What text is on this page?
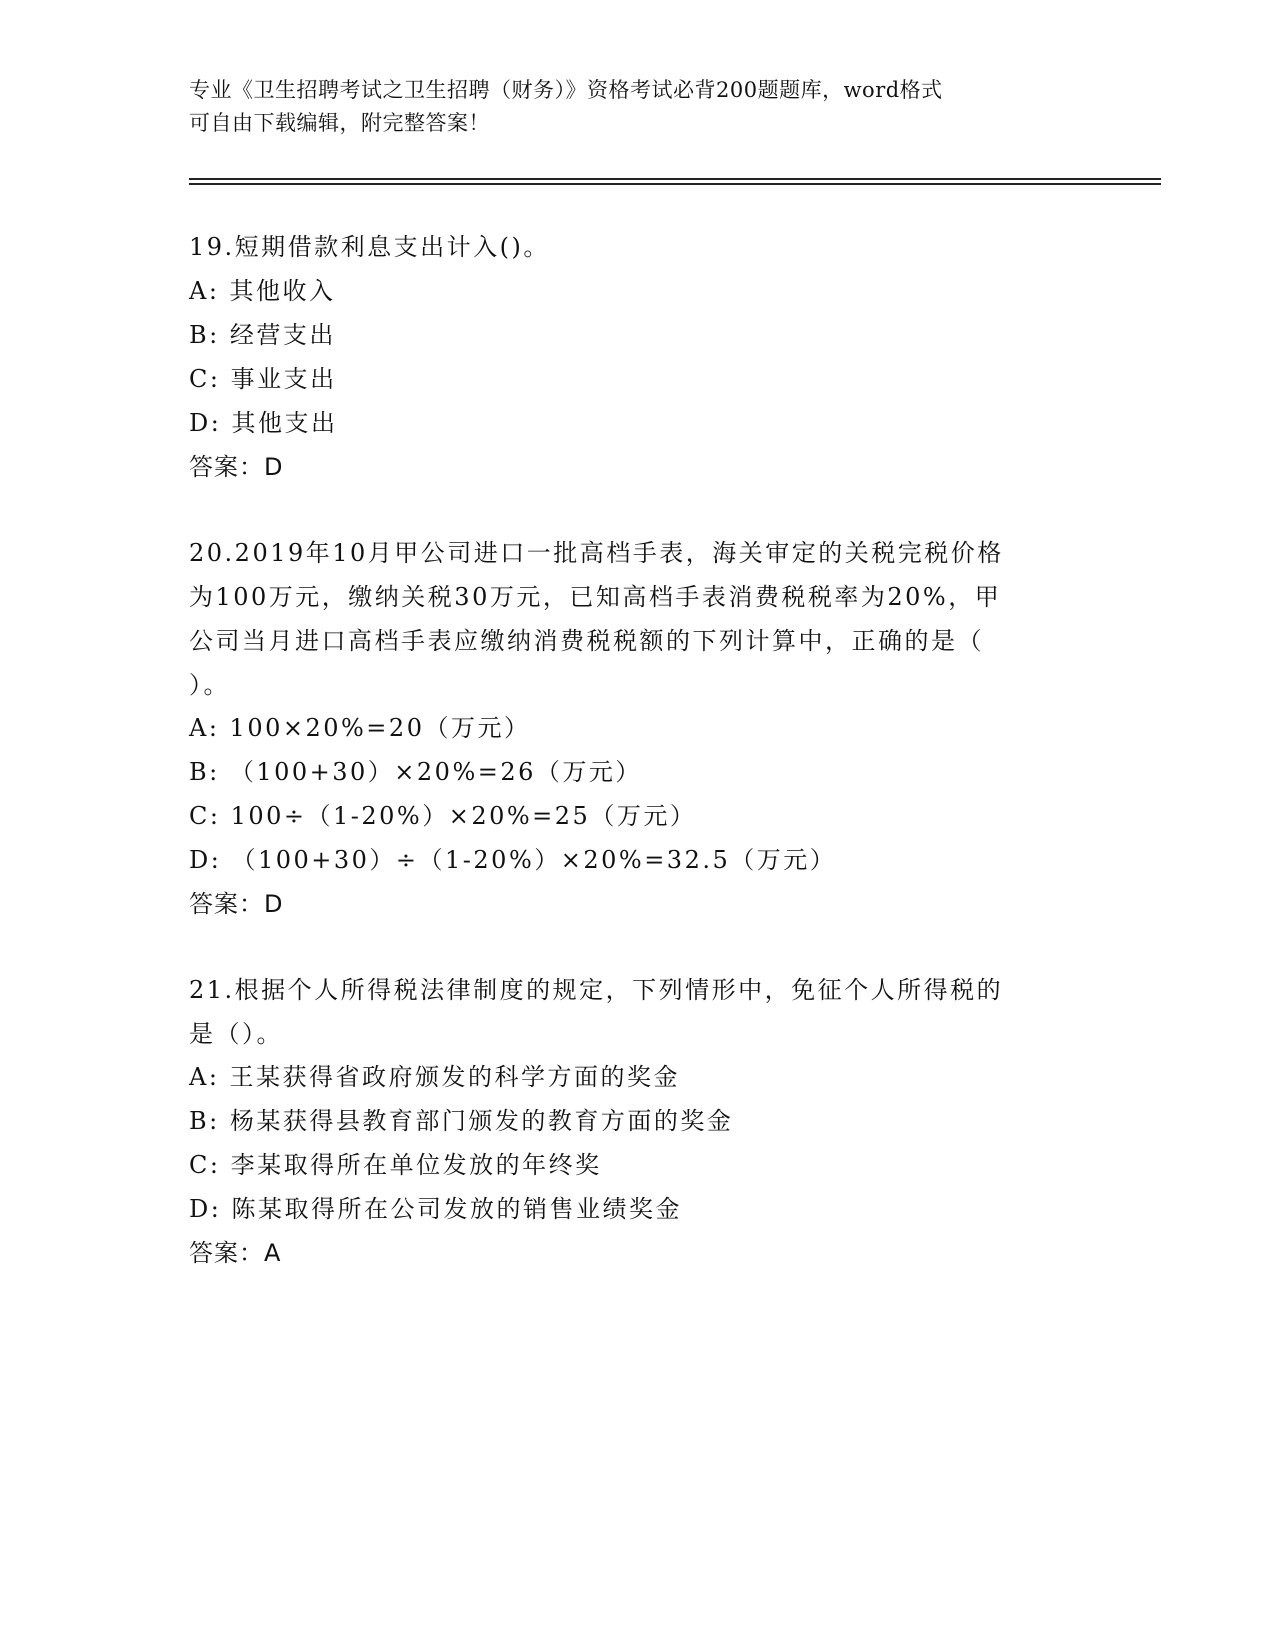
专业《卫生招聘考试之卫生招聘（财务）》资格考试必背200题题库，word格式
可自由下载编辑，附完整答案！
19.短期借款利息支出计入()。
A: 其他收入
B: 经营支出
C: 事业支出
D: 其他支出
答案：D
20.2019年10月甲公司进口一批高档手表，海关审定的关税完税价格
为100万元，缴纳关税30万元，已知高档手表消费税税率为20%，甲
公司当月进口高档手表应缴纳消费税税额的下列计算中，正确的是（
）。
A: 100×20%=20（万元）
B: （100+30）×20%=26（万元）
C: 100÷（1-20%）×20%=25（万元）
D: （100+30）÷（1-20%）×20%=32.5（万元）
答案：D
21.根据个人所得税法律制度的规定，下列情形中，免征个人所得税的
是（）。
A: 王某获得省政府颁发的科学方面的奖金
B: 杨某获得县教育部门颁发的教育方面的奖金
C: 李某取得所在单位发放的年终奖
D: 陈某取得所在公司发放的销售业绩奖金
答案：A
